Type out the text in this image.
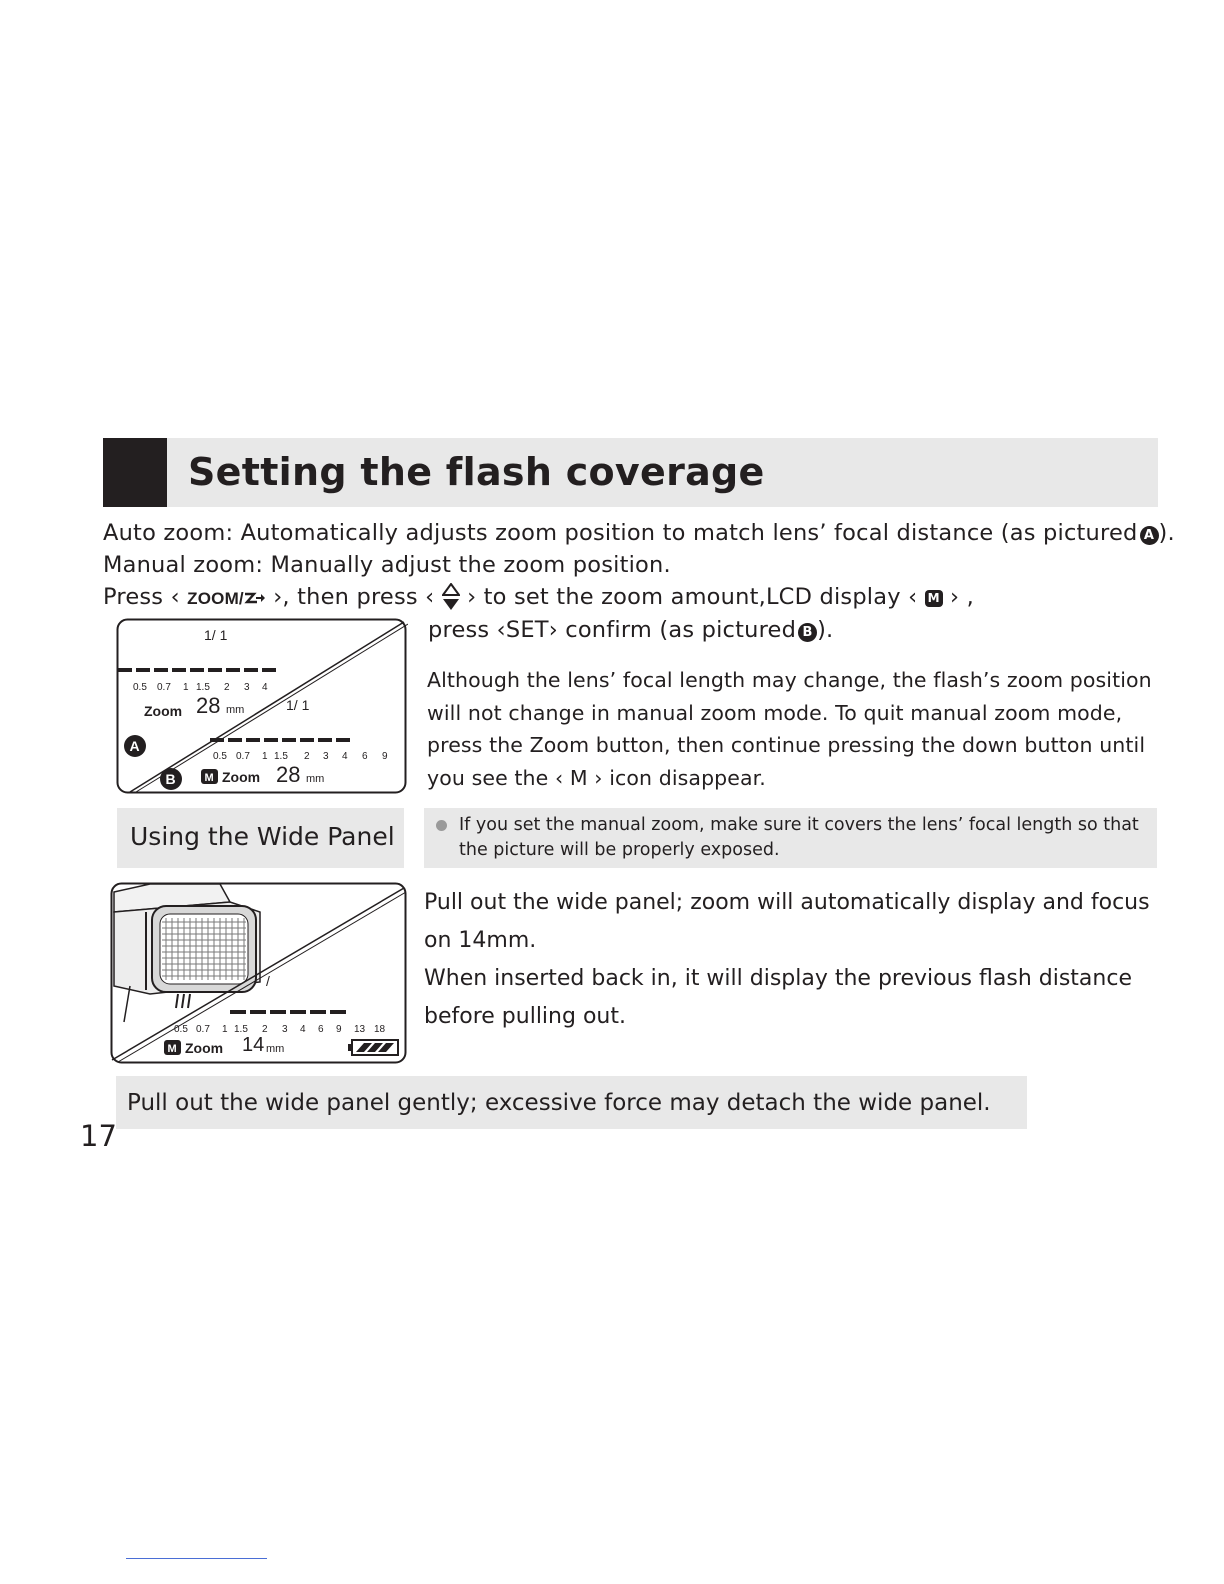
Setting the flash coverage
Auto zoom: Automatically adjusts zoom position to match lens’ focal distance (as pictured A ).
Manual zoom: Manually adjust the zoom position.
Press ‹ ZOOM/ ›, then press ‹ › to set the zoom amount,LCD display ‹ M › ,
press ‹SET› confirm (as pictured B ).
1/ 1
0.5 0.7 1 1.5 2 3 4
Zoom 28 mm	1/ 1
0.5 0.7 1 1.5 2 3 4 6 9
M Zoom 28 mm
A
B
Although the lens’ focal length may change, the flash’s zoom position will not change in manual zoom mode. To quit manual zoom mode, press the Zoom button, then continue pressing the down button until you see the ‹ M › icon disappear.
Using the Wide Panel	If you set the manual zoom, make sure it covers the lens’ focal length so that the picture will be properly exposed.
/
0.5 0.7 1 1.5 2 3 4 6 9 13 18
M Zoom 14 mm
Pull out the wide panel; zoom will automatically display and focus on 14mm.
When inserted back in, it will display the previous flash distance before pulling out.
Pull out the wide panel gently; excessive force may detach the wide panel.
17
